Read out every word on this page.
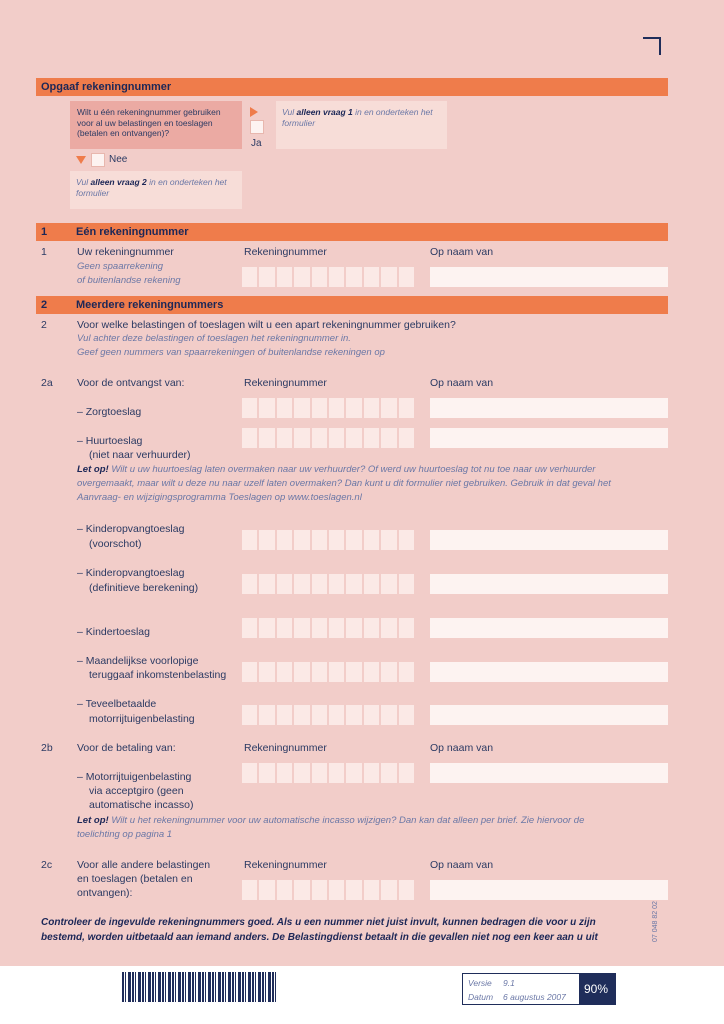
Opgaaf rekeningnummer
Wilt u één rekeningnummer gebruiken voor al uw belastingen en toeslagen (betalen en ontvangen)?
Ja
Vul alleen vraag 1 in en onderteken het formulier
Nee
Vul alleen vraag 2 in en onderteken het formulier
1	Eén rekeningnummer
1	Uw rekeningnummer
Geen spaarrekening
of buitenlandse rekening
Rekeningnummer	Op naam van
2	Meerdere rekeningnummers
2	Voor welke belastingen of toeslagen wilt u een apart rekeningnummer gebruiken?
Vul achter deze belastingen of toeslagen het rekeningnummer in.
Geef geen nummers van spaarrekeningen of buitenlandse rekeningen op
2a Voor de ontvangst van:	Rekeningnummer	Op naam van
– Zorgtoeslag
– Huurtoeslag
(niet naar verhuurder)
Let op! Wilt u uw huurtoeslag laten overmaken naar uw verhuurder? Of werd uw huurtoeslag tot nu toe naar uw verhuurder
overgemaakt, maar wilt u deze nu naar uzelf laten overmaken? Dan kunt u dit formulier niet gebruiken. Gebruik in dat geval het
Aanvraag- en wijzigingsprogramma Toeslagen op www.toeslagen.nl
– Kinderopvangtoeslag
(voorschot)
– Kinderopvangtoeslag
(definitieve berekening)
– Kindertoeslag
– Maandelijkse voorlopige
teruggaaf inkomstenbelasting
– Teveelbetaalde
motorrijtuigenbelasting
2b Voor de betaling van:	Rekeningnummer	Op naam van
– Motorrijtuigenbelasting
via acceptgiro (geen
automatische incasso)
Let op! Wilt u het rekeningnummer voor uw automatische incasso wijzigen? Dan kan dat alleen per brief. Zie hiervoor de
toelichting op pagina 1
2c Voor alle andere belastingen
en toeslagen (betalen en
ontvangen):
Rekeningnummer	Op naam van
Controleer de ingevulde rekeningnummers goed. Als u een nummer niet juist invult, kunnen bedragen die voor u zijn
bestemd, worden uitbetaald aan iemand anders. De Belastingdienst betaalt in die gevallen niet nog een keer aan u uit	07 048 82 02
Versie 9.1
Datum 6 augustus 2007
90%
